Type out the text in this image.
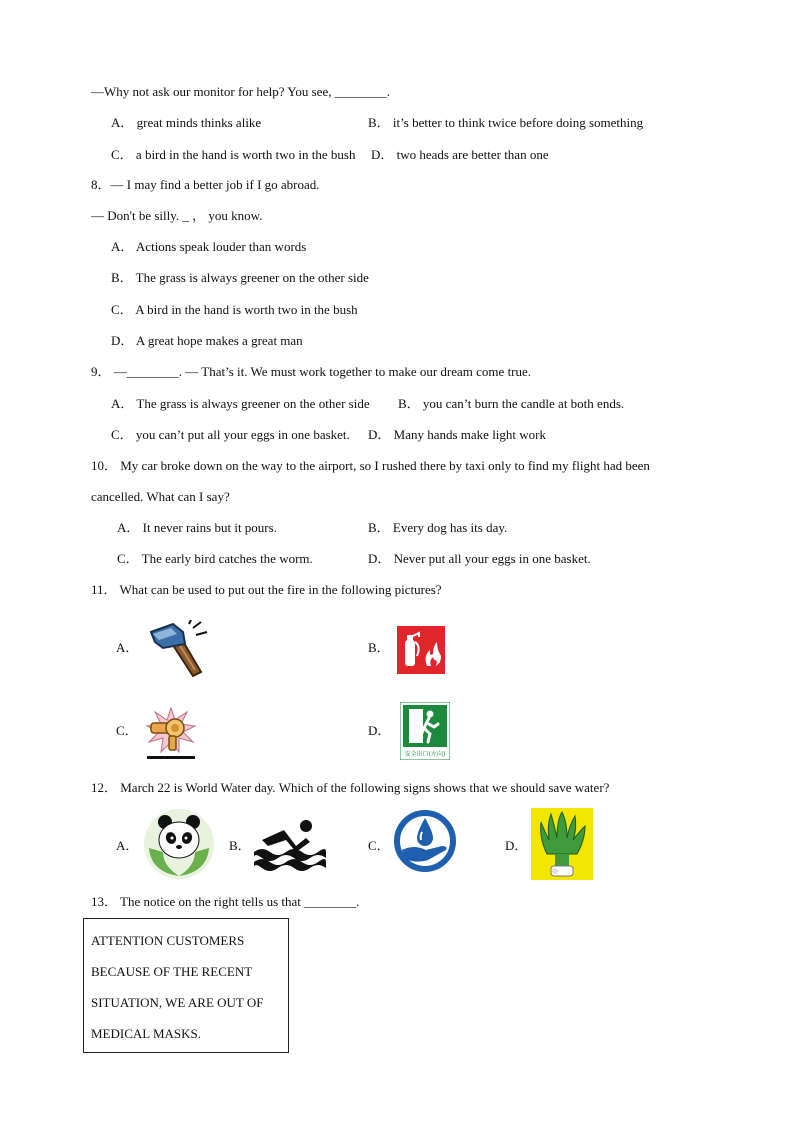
—Why not ask our monitor for help? You see, ________.
A． great minds thinks alike	B． it’s better to think twice before doing something
C． a bird in the hand is worth two in the bush D． two heads are better than one
8．— I may find a better job if I go abroad.
— Don't be silly. _ ， you know.
A． Actions speak louder than words
B． The grass is always greener on the other side
C． A bird in the hand is worth two in the bush
D． A great hope makes a great man
9． —________. — That’s it. We must work together to make our dream come true.
A． The grass is always greener on the other side B． you can’t burn the candle at both ends.
C． you can’t put all your eggs in one basket. D． Many hands make light work
10． My car broke down on the way to the airport, so I rushed there by taxi only to find my flight had been
cancelled. What can I say?
A． It never rains but it pours.	B． Every dog has its day.
C． The early bird catches the worm.	D． Never put all your eggs in one basket.
11． What can be used to put out the fire in the following pictures?
A．	B．
C．	D．
安全出口(左向)
12． March 22 is World Water day. Which of the following signs shows that we should save water?
A．	B．	C．	D．
13． The notice on the right tells us that ________.
ATTENTION CUSTOMERS
BECAUSE OF THE RECENT
SITUATION, WE ARE OUT OF
MEDICAL MASKS.
